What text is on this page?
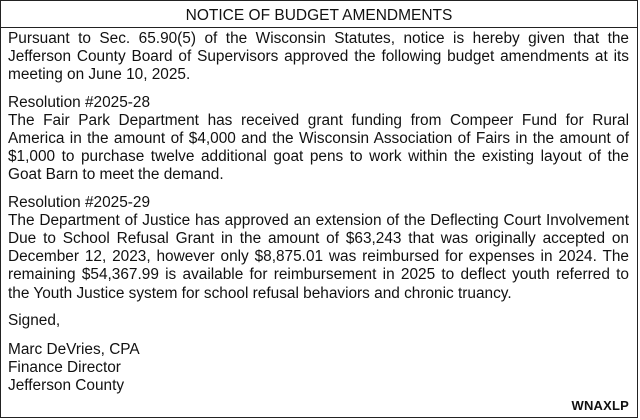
NOTICE OF BUDGET AMENDMENTS

Pursuant to Sec. 65.90(5) of the Wisconsin Statutes, notice is hereby given that the Jefferson County Board of Supervisors approved the following budget amendments at its meeting on June 10, 2025.

Resolution #2025-28

The Fair Park Department has received grant funding from Compeer Fund for Rural America in the amount of $4,000 and the Wisconsin Association of Fairs in the amount of $1,000 to purchase twelve additional goat pens to work within the existing layout of the Goat Barn to meet the demand.

Resolution #2025-29

The Department of Justice has approved an extension of the Deflecting Court Involvement Due to School Refusal Grant in the amount of $63,243 that was originally accepted on December 12, 2023, however only $8,875.01 was reimbursed for expenses in 2024. The remaining $54,367.99 is available for reimbursement in 2025 to deflect youth referred to the Youth Justice system for school refusal behaviors and chronic truancy.

Signed,

Marc DeVries, CPA

Finance Director

Jefferson County

WNAXLP
